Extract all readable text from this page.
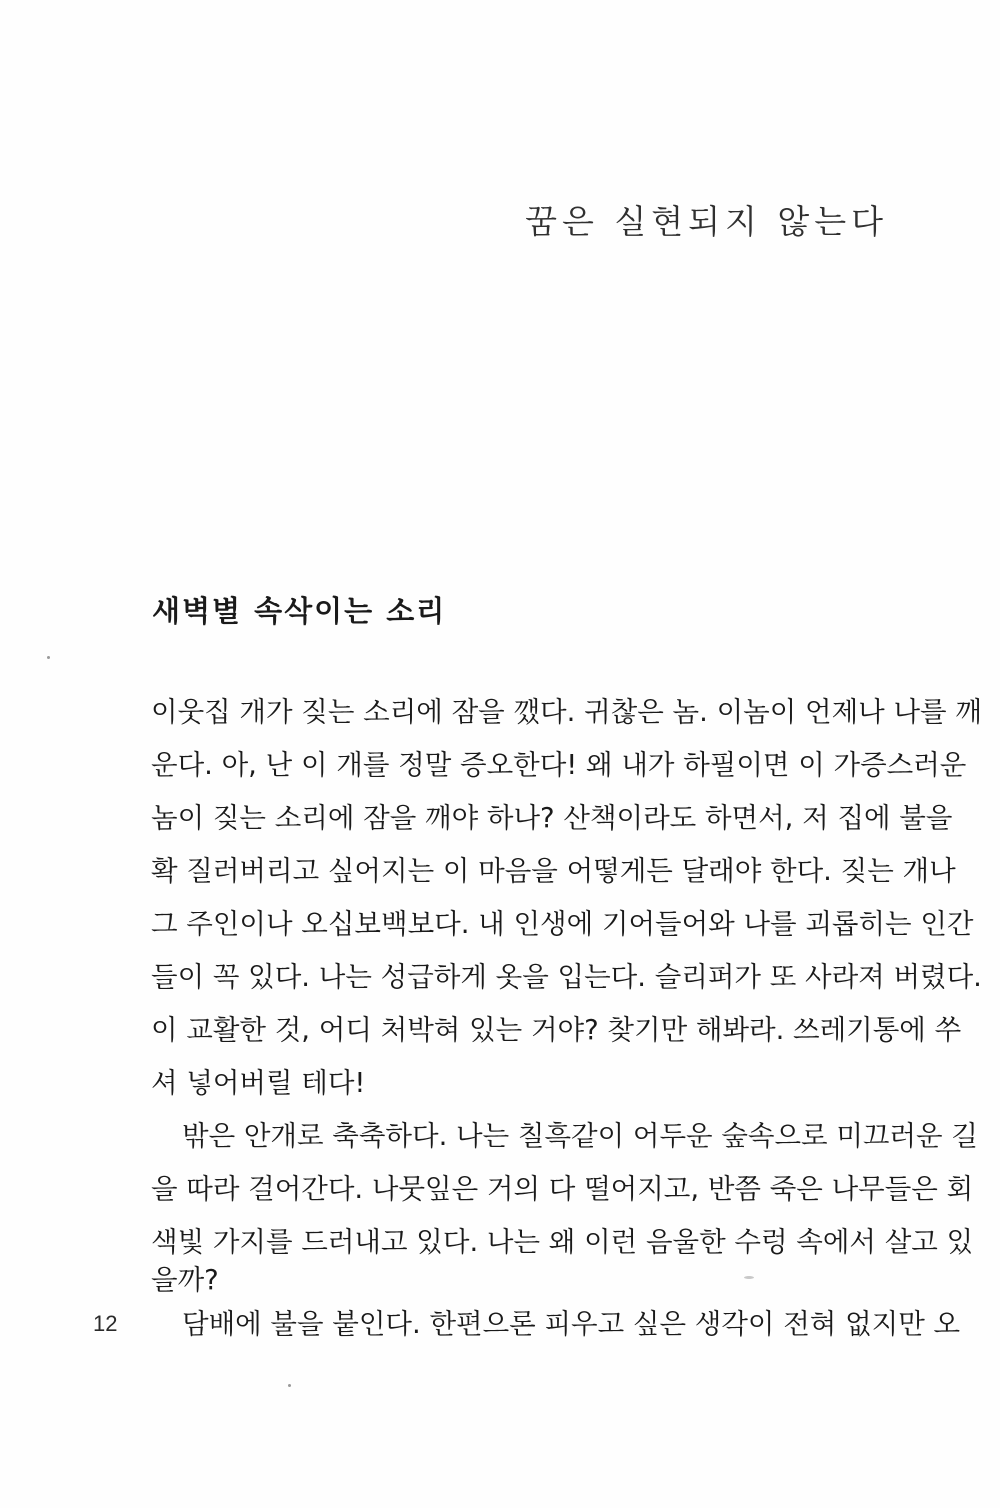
꿈은 실현되지 않는다
새벽별 속삭이는 소리
이웃집 개가 짖는 소리에 잠을 깼다. 귀찮은 놈. 이놈이 언제나 나를 깨
운다. 아, 난 이 개를 정말 증오한다! 왜 내가 하필이면 이 가증스러운
놈이 짖는 소리에 잠을 깨야 하나? 산책이라도 하면서, 저 집에 불을
확 질러버리고 싶어지는 이 마음을 어떻게든 달래야 한다. 짖는 개나
그 주인이나 오십보백보다. 내 인생에 기어들어와 나를 괴롭히는 인간
들이 꼭 있다. 나는 성급하게 옷을 입는다. 슬리퍼가 또 사라져 버렸다.
이 교활한 것, 어디 처박혀 있는 거야? 찾기만 해봐라. 쓰레기통에 쑤
셔 넣어버릴 테다!
밖은 안개로 축축하다. 나는 칠흑같이 어두운 숲속으로 미끄러운 길
을 따라 걸어간다. 나뭇잎은 거의 다 떨어지고, 반쯤 죽은 나무들은 회
색빛 가지를 드러내고 있다. 나는 왜 이런 음울한 수렁 속에서 살고 있
을까?
담배에 불을 붙인다. 한편으론 피우고 싶은 생각이 전혀 없지만 오
12
